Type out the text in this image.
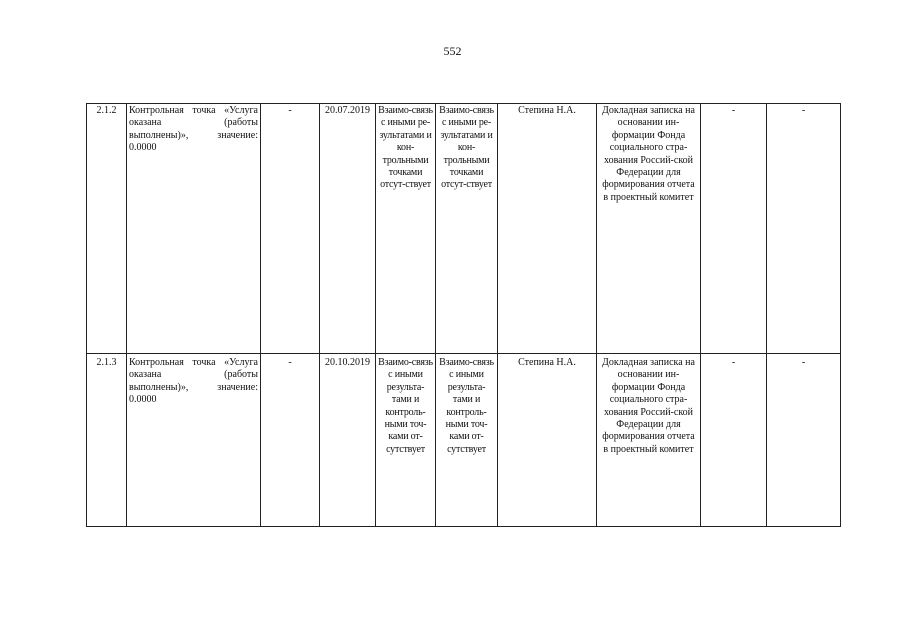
552
2.1.2	Контрольная точка «Услуга оказана (работы выполнены)», значение: 0.0000	-	20.07.2019	Взаимо-связь с иными ре-зультатами и кон-трольными точками отсут-ствует	Взаимо-связь с иными ре-зультатами и кон-трольными точками отсут-ствует	Степина Н.А.	Докладная записка на основании ин-формации Фонда социального стра-хования Россий-ской Федерации для формирования отчета в проектный комитет	-	-
2.1.3	Контрольная точка «Услуга оказана (работы выполнены)», значение: 0.0000	-	20.10.2019	Взаимо-связь с иными результа-тами и контроль-ными точ-ками от-сутствует	Взаимо-связь с иными результа-тами и контроль-ными точ-ками от-сутствует	Степина Н.А.	Докладная записка на основании ин-формации Фонда социального стра-хования Россий-ской Федерации для формирования отчета в проектный комитет	-	-
